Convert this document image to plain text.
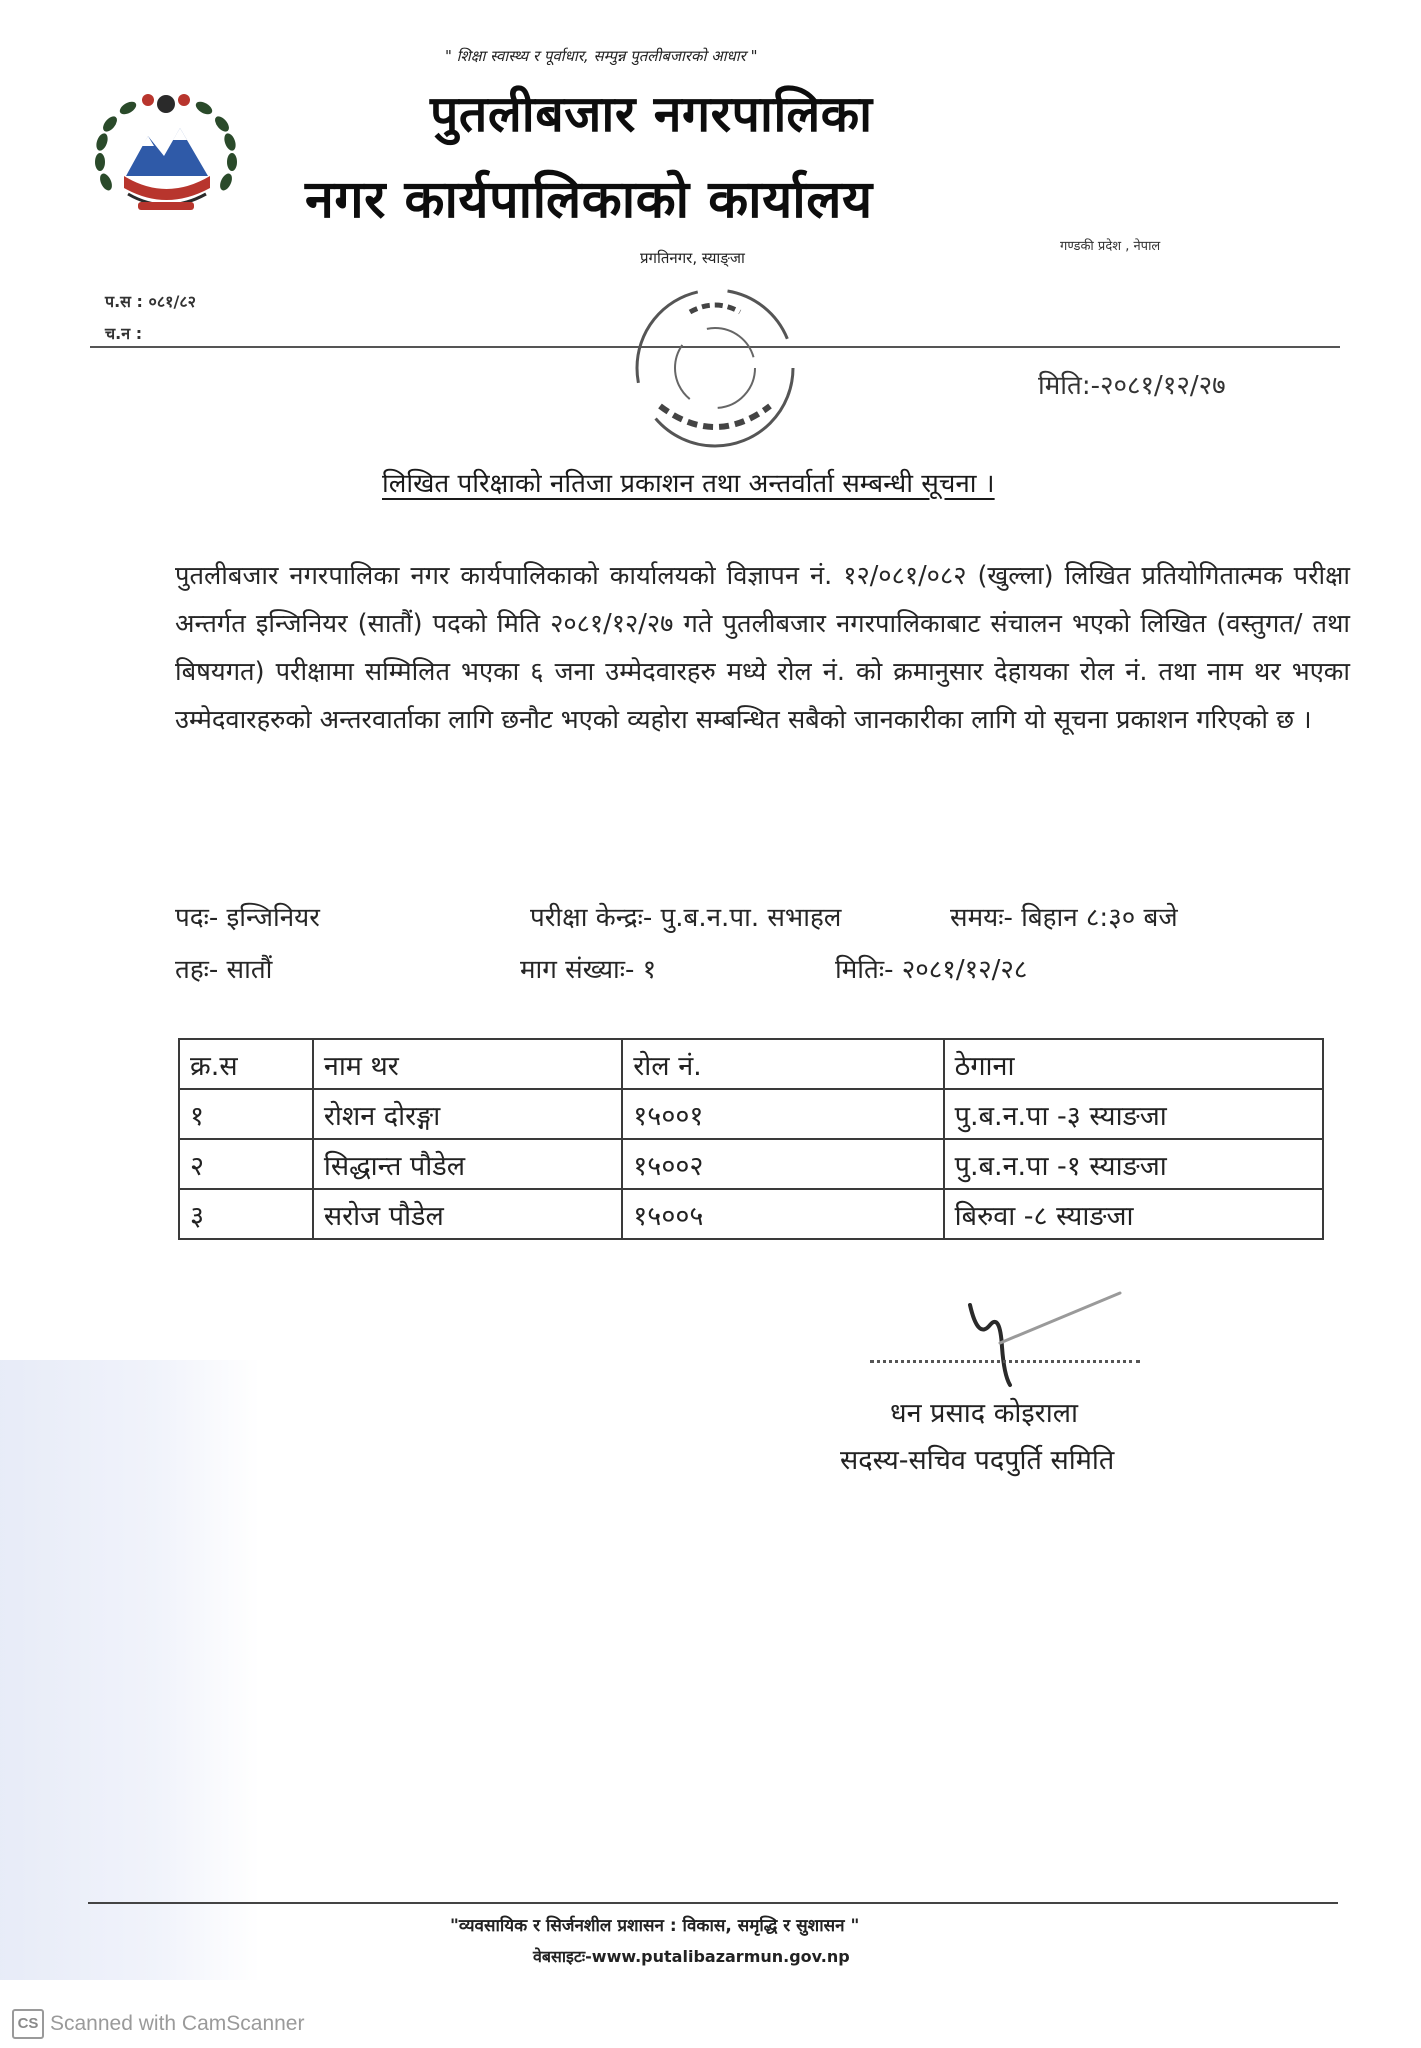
" शिक्षा स्वास्थ्य र पूर्वाधार, सम्पुन्न पुतलीबजारको आधार "
पुतलीबजार नगरपालिका
नगर कार्यपालिकाको कार्यालय
गण्डकी प्रदेश , नेपाल
प्रगतिनगर, स्याङ्जा
प.स : ०८१/८२
च.न :
मिति:-२०८१/१२/२७
लिखित परिक्षाको नतिजा प्रकाशन तथा अन्तर्वार्ता सम्बन्धी सूचना ।
पुतलीबजार नगरपालिका नगर कार्यपालिकाको कार्यालयको विज्ञापन नं. १२/०८१/०८२ (खुल्ला) लिखित प्रतियोगितात्मक परीक्षा अन्तर्गत इन्जिनियर (सातौं) पदको मिति २०८१/१२/२७ गते पुतलीबजार नगरपालिकाबाट संचालन भएको लिखित (वस्तुगत/ तथा बिषयगत) परीक्षामा सम्मिलित भएका ६ जना उम्मेदवारहरु मध्ये रोल नं. को क्रमानुसार देहायका रोल नं. तथा नाम थर भएका उम्मेदवारहरुको अन्तरवार्ताका लागि छनौट भएको व्यहोरा सम्बन्धित सबैको जानकारीका लागि यो सूचना प्रकाशन गरिएको छ ।
पदः- इन्जिनियर	परीक्षा केन्द्रः- पु.ब.न.पा. सभाहल	समयः- बिहान ८:३० बजे
तहः- सातौं	माग संख्याः- १	मितिः- २०८१/१२/२८
क्र.स	नाम थर	रोल नं.	ठेगाना
१	रोशन दोरङ्गा	१५००१	पु.ब.न.पा -३ स्याङजा
२	सिद्धान्त पौडेल	१५००२	पु.ब.न.पा -१ स्याङजा
३	सरोज पौडेल	१५००५	बिरुवा -८ स्याङजा
धन प्रसाद कोइराला
सदस्य-सचिव पदपुर्ति समिति
"व्यवसायिक र सिर्जनशील प्रशासन : विकास, समृद्धि र सुशासन "
वेबसाइटः-www.putalibazarmun.gov.np
CS Scanned with CamScanner
